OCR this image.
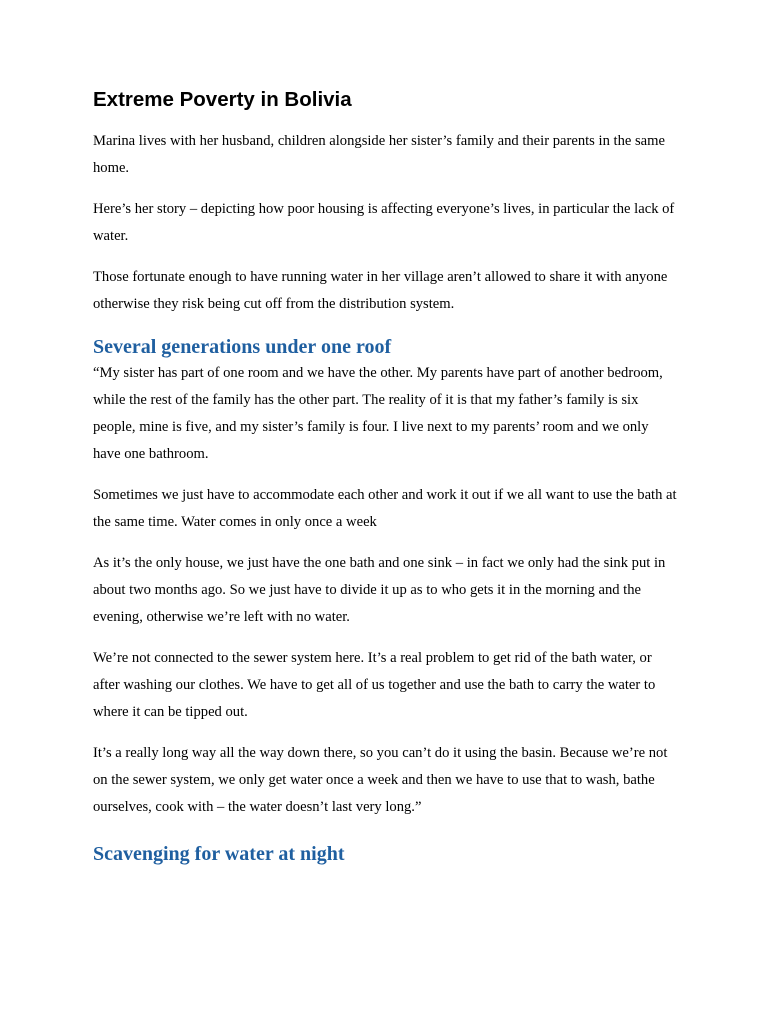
Extreme Poverty in Bolivia

Marina lives with her husband, children alongside her sister’s family and their parents in the same home.

Here’s her story – depicting how poor housing is affecting everyone’s lives, in particular the lack of water.

Those fortunate enough to have running water in her village aren’t allowed to share it with anyone otherwise they risk being cut off from the distribution system.

Several generations under one roof

“My sister has part of one room and we have the other. My parents have part of another bedroom, while the rest of the family has the other part. The reality of it is that my father’s family is six people, mine is five, and my sister’s family is four. I live next to my parents’ room and we only have one bathroom.

Sometimes we just have to accommodate each other and work it out if we all want to use the bath at the same time. Water comes in only once a week

As it’s the only house, we just have the one bath and one sink – in fact we only had the sink put in about two months ago. So we just have to divide it up as to who gets it in the morning and the evening, otherwise we’re left with no water.

We’re not connected to the sewer system here. It’s a real problem to get rid of the bath water, or after washing our clothes. We have to get all of us together and use the bath to carry the water to where it can be tipped out.

It’s a really long way all the way down there, so you can’t do it using the basin. Because we’re not on the sewer system, we only get water once a week and then we have to use that to wash, bathe ourselves, cook with – the water doesn’t last very long.”

Scavenging for water at night
